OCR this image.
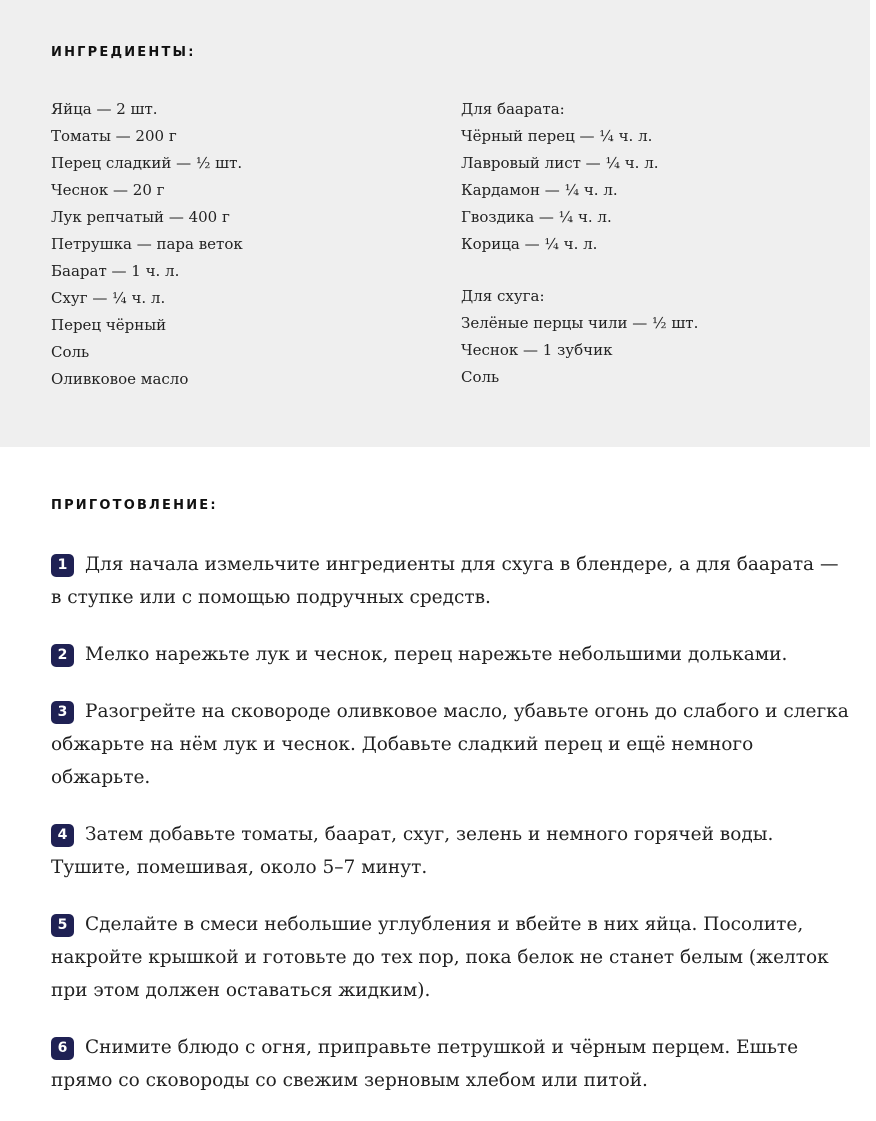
ИНГРЕДИЕНТЫ:
Яйца — 2 шт.
Томаты — 200 г
Перец сладкий — ½ шт.
Чеснок — 20 г
Лук репчатый — 400 г
Петрушка — пара веток
Баарат — 1 ч. л.
Схуг — ¼ ч. л.
Перец чёрный
Соль
Оливковое масло
Для баарата:
Чёрный перец — ¼ ч. л.
Лавровый лист — ¼ ч. л.
Кардамон — ¼ ч. л.
Гвоздика — ¼ ч. л.
Корица — ¼ ч. л.
Для схуга:
Зелёные перцы чили — ½ шт.
Чеснок — 1 зубчик
Соль
ПРИГОТОВЛЕНИЕ:

1 Для начала измельчите ингредиенты для схуга в блендере, а для баарата — в ступке или с помощью подручных средств.

2 Мелко нарежьте лук и чеснок, перец нарежьте небольшими дольками.

3 Разогрейте на сковороде оливковое масло, убавьте огонь до слабого и слегка обжарьте на нём лук и чеснок. Добавьте сладкий перец и ещё немного обжарьте.

4 Затем добавьте томаты, баарат, схуг, зелень и немного горячей воды. Тушите, помешивая, около 5–7 минут.

5 Сделайте в смеси небольшие углубления и вбейте в них яйца. Посолите, накройте крышкой и готовьте до тех пор, пока белок не станет белым (желток при этом должен оставаться жидким).

6 Снимите блюдо с огня, приправьте петрушкой и чёрным перцем. Ешьте прямо со сковороды со свежим зерновым хлебом или питой.
